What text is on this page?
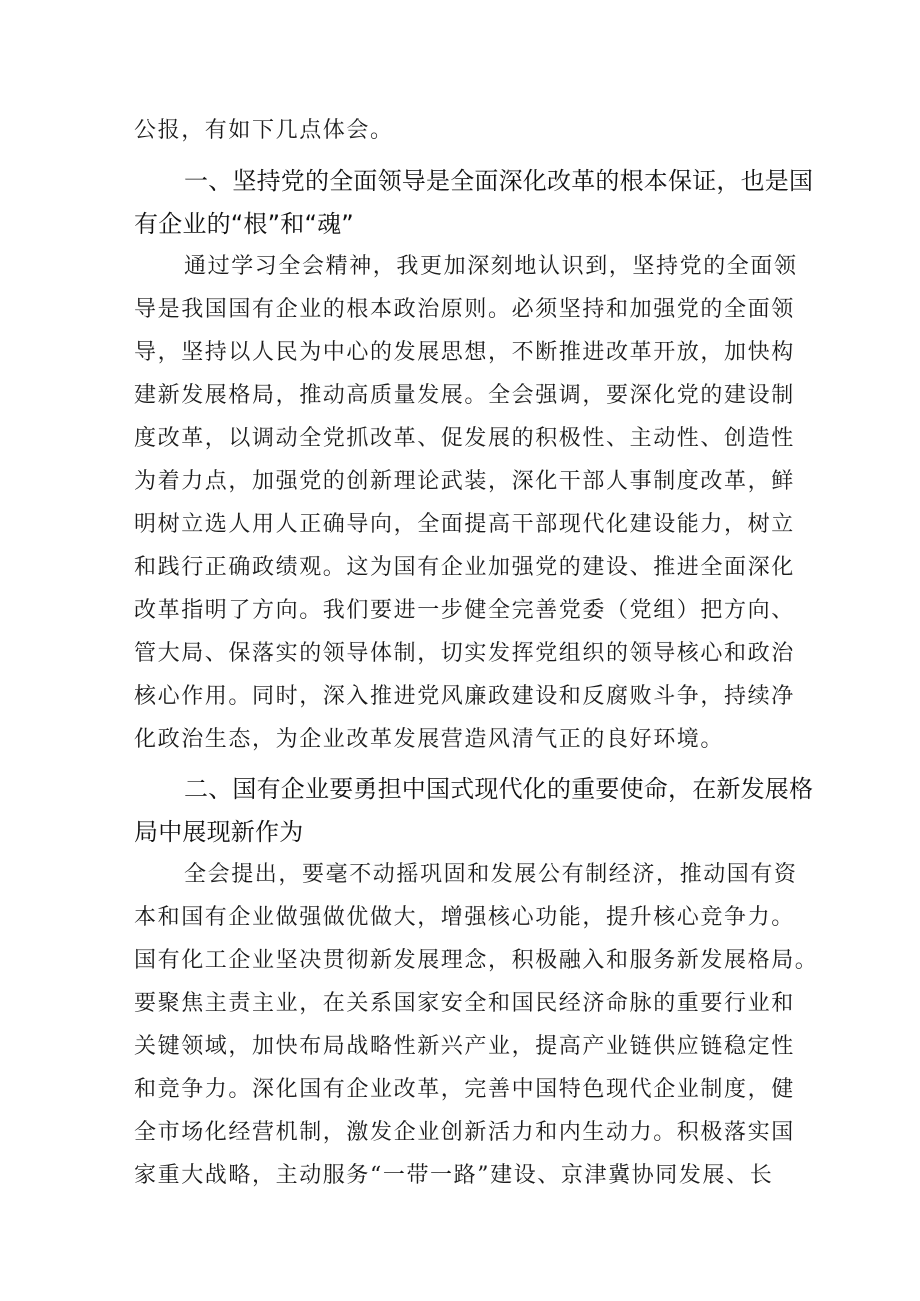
公报，有如下几点体会。

一、坚持党的全面领导是全面深化改革的根本保证，也是国

有企业的“根”和“魂”

通过学习全会精神，我更加深刻地认识到，坚持党的全面领

导是我国国有企业的根本政治原则。必须坚持和加强党的全面领

导，坚持以人民为中心的发展思想，不断推进改革开放，加快构

建新发展格局，推动高质量发展。全会强调，要深化党的建设制

度改革，以调动全党抓改革、促发展的积极性、主动性、创造性

为着力点，加强党的创新理论武装，深化干部人事制度改革，鲜

明树立选人用人正确导向，全面提高干部现代化建设能力，树立

和践行正确政绩观。这为国有企业加强党的建设、推进全面深化

改革指明了方向。我们要进一步健全完善党委（党组）把方向、

管大局、保落实的领导体制，切实发挥党组织的领导核心和政治

核心作用。同时，深入推进党风廉政建设和反腐败斗争，持续净

化政治生态，为企业改革发展营造风清气正的良好环境。

二、国有企业要勇担中国式现代化的重要使命，在新发展格

局中展现新作为

全会提出，要毫不动摇巩固和发展公有制经济，推动国有资

本和国有企业做强做优做大，增强核心功能，提升核心竞争力。

国有化工企业坚决贯彻新发展理念，积极融入和服务新发展格局。

要聚焦主责主业，在关系国家安全和国民经济命脉的重要行业和

关键领域，加快布局战略性新兴产业，提高产业链供应链稳定性

和竞争力。深化国有企业改革，完善中国特色现代企业制度，健

全市场化经营机制，激发企业创新活力和内生动力。积极落实国

家重大战略，主动服务“一带一路”建设、京津冀协同发展、长
